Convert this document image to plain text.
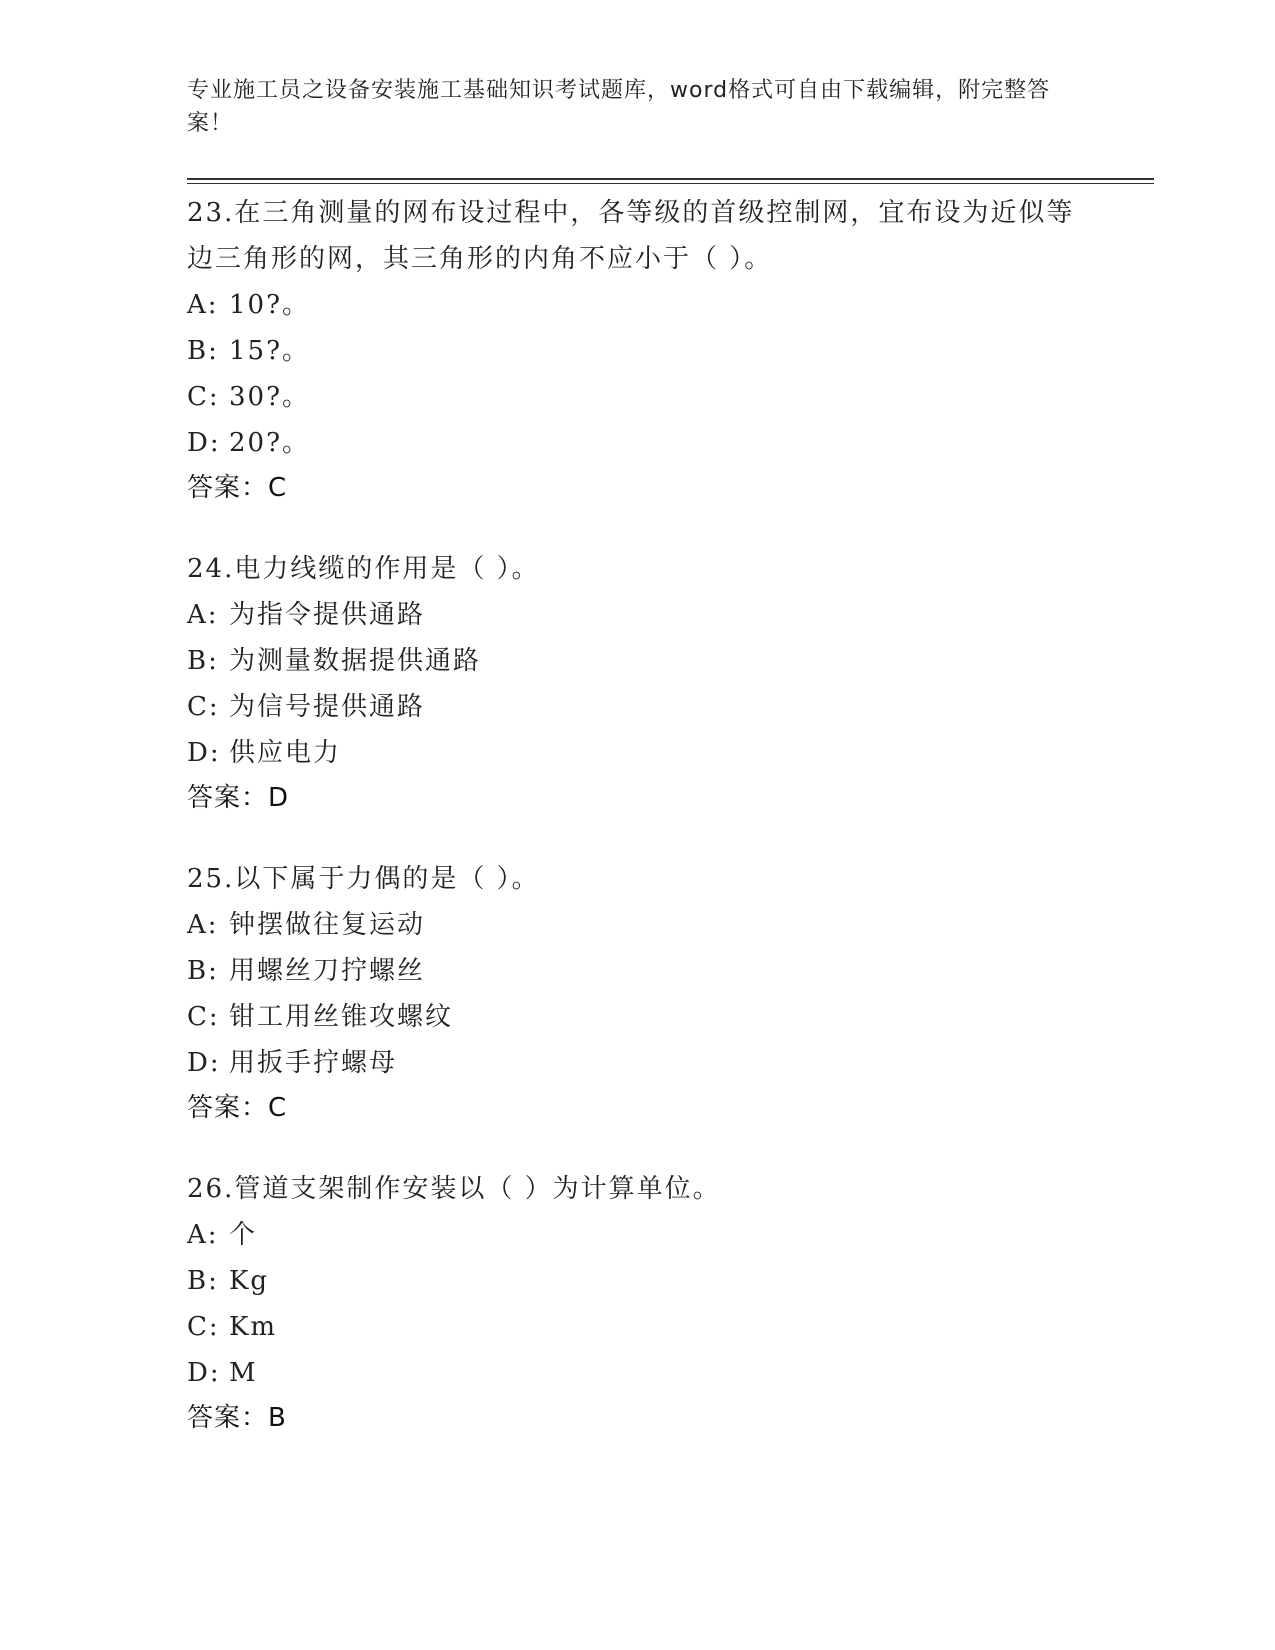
专业施工员之设备安装施工基础知识考试题库，word格式可自由下载编辑，附完整答案！

23.在三角测量的网布设过程中，各等级的首级控制网，宜布设为近似等边三角形的网，其三角形的内角不应小于（ ）。

A: 10?。

B: 15?。

C: 30?。

D: 20?。

答案：C

24.电力线缆的作用是（ ）。

A: 为指令提供通路

B: 为测量数据提供通路

C: 为信号提供通路

D: 供应电力

答案：D

25.以下属于力偶的是（ ）。

A: 钟摆做往复运动

B: 用螺丝刀拧螺丝

C: 钳工用丝锥攻螺纹

D: 用扳手拧螺母

答案：C

26.管道支架制作安装以（ ）为计算单位。

A: 个

B: Kg

C: Km

D: M

答案：B
